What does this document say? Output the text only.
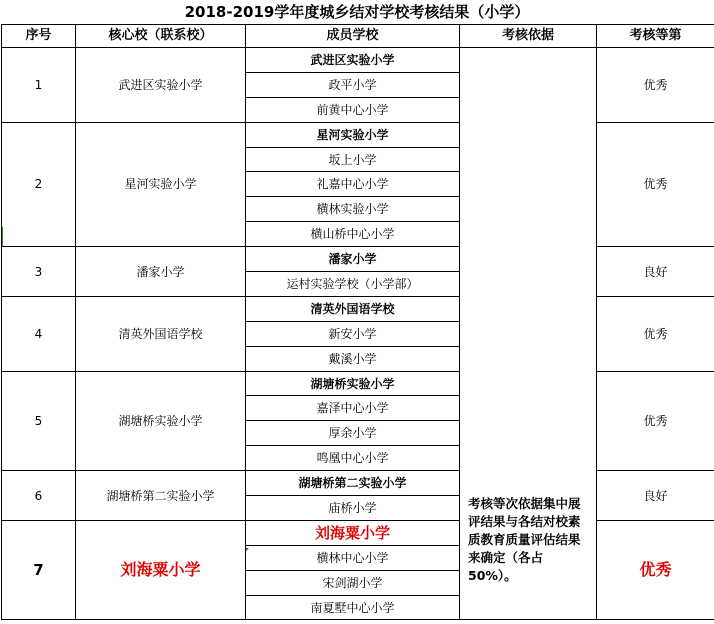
2018-2019学年度城乡结对学校考核结果（小学）
序号	核心校（联系校）	成员学校	考核依据	考核等第
1	武进区实验小学	武进区实验小学	考核等次依据集中展评结果与各结对校素质教育质量评估结果来确定（各占50%）。	优秀
		政平小学		
		前黄中心小学		
2	星河实验小学	星河实验小学		优秀
		坂上小学		
		礼嘉中心小学		
		横林实验小学		
		横山桥中心小学		
3	潘家小学	潘家小学		良好
		运村实验学校（小学部）		
4	清英外国语学校	清英外国语学校		优秀
		新安小学		
		戴溪小学		
5	湖塘桥实验小学	湖塘桥实验小学		优秀
		嘉泽中心小学		
		厚余小学		
		鸣凰中心小学		
6	湖塘桥第二实验小学	湖塘桥第二实验小学		良好
		庙桥小学		
7	刘海粟小学	刘海粟小学		优秀
		横林中心小学		
		宋剑湖小学		
		南夏墅中心小学		
